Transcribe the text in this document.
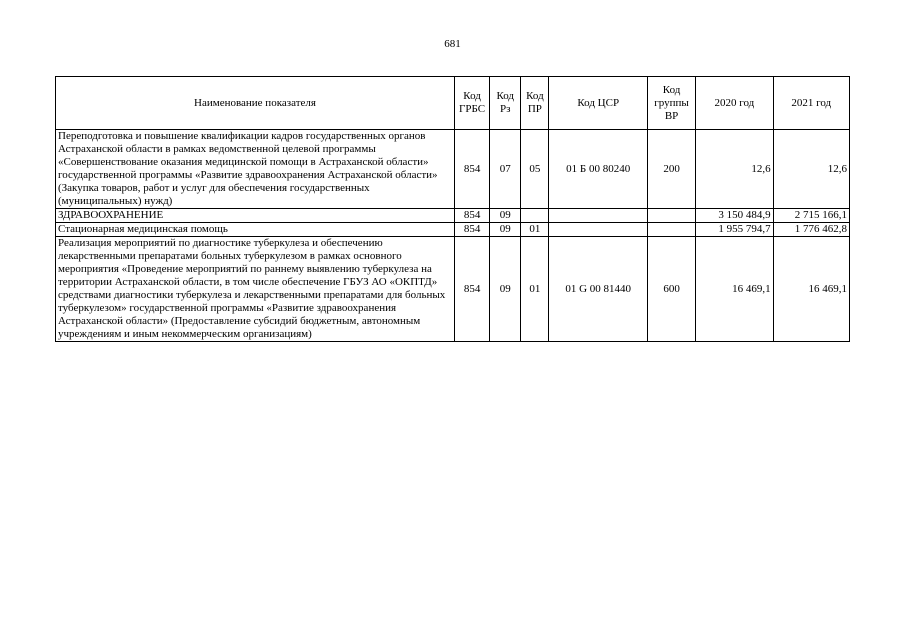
681
Наименование показателя	Код ГРБС	Код Рз	Код ПР	Код ЦСР	Код группы ВР	2020 год	2021 год
Переподготовка и повышение квалификации кадров государственных органов Астраханской области в рамках ведомственной целевой программы «Совершенствование оказания медицинской помощи в Астраханской области» государственной программы «Развитие здравоохранения Астраханской области» (Закупка товаров, работ и услуг для обеспечения государственных (муниципальных) нужд)	854	07	05	01 Б 00 80240	200	12,6	12,6
ЗДРАВООХРАНЕНИЕ	854	09				3 150 484,9	2 715 166,1
Стационарная медицинская помощь	854	09	01			1 955 794,7	1 776 462,8
Реализация мероприятий по диагностике туберкулеза и обеспечению лекарственными препаратами больных туберкулезом в рамках основного мероприятия «Проведение мероприятий по раннему выявлению туберкулеза на территории Астраханской области, в том числе обеспечение ГБУЗ АО «ОКПТД» средствами диагностики туберкулеза и лекарственными препаратами для больных туберкулезом» государственной программы «Развитие здравоохранения Астраханской области» (Предоставление субсидий бюджетным, автономным учреждениям и иным некоммерческим организациям)	854	09	01	01 G 00 81440	600	16 469,1	16 469,1
